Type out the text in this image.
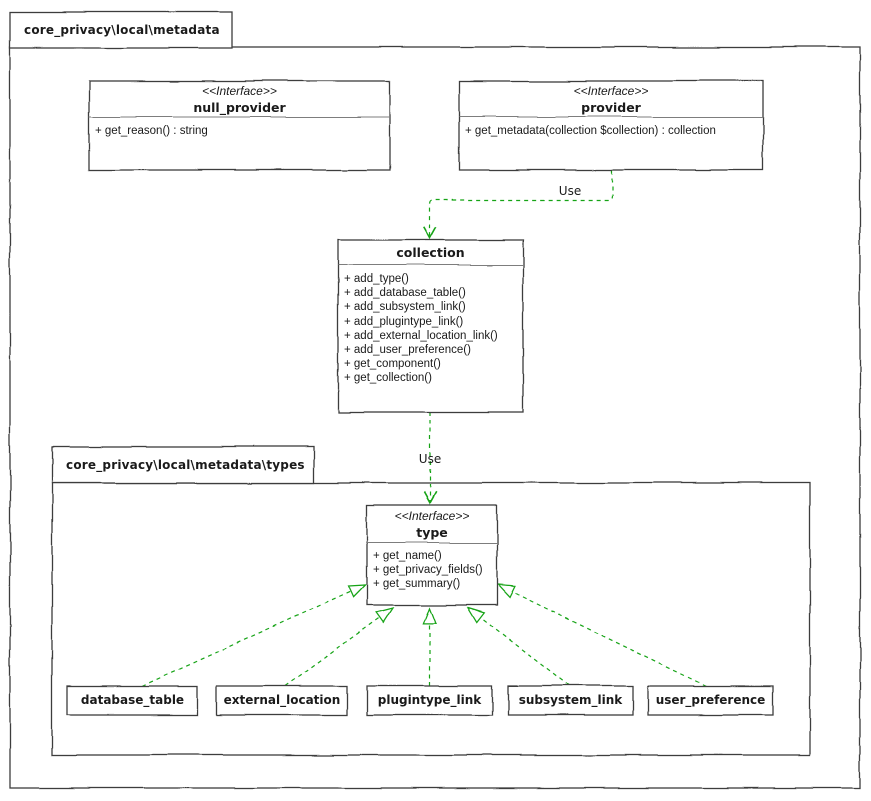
core_privacy\local\metadata
core_privacy\local\metadata\types
<<Interface>>
null_provider
+ get_reason() : string
<<Interface>>
provider
+ get_metadata(collection $collection) : collection
collection
+ add_type()
+ add_database_table()
+ add_subsystem_link()
+ add_plugintype_link()
+ add_external_location_link()
+ add_user_preference()
+ get_component()
+ get_collection()
<<Interface>>
type
+ get_name()
+ get_privacy_fields()
+ get_summary()
database_table	external_location	plugintype_link	subsystem_link	user_preference
Use
Use
